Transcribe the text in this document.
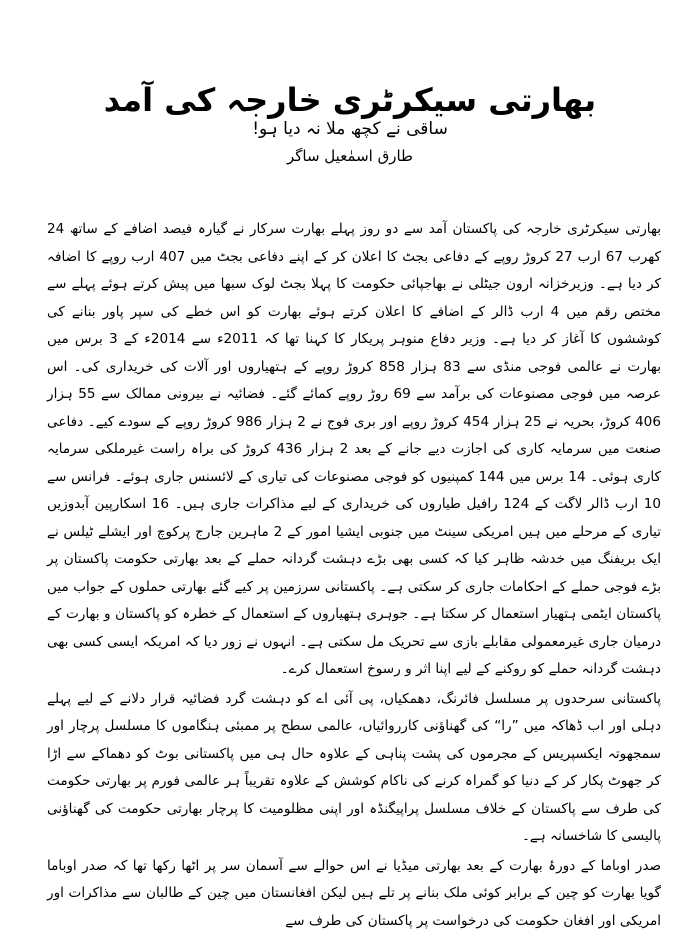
بھارتی سیکرٹری خارجہ کی آمد
ساقی نے کچھ ملا نہ دیا ہو!
طارق اسمٰعیل ساگر

بھارتی سیکرٹری خارجہ کی پاکستان آمد سے دو روز پہلے بھارت سرکار نے گیارہ فیصد اضافے کے ساتھ 24 کھرب 67 ارب 27 کروڑ روپے کے دفاعی بجٹ کا اعلان کر کے اپنے دفاعی بجٹ میں 407 ارب روپے کا اضافہ کر دیا ہے۔ وزیرخزانہ ارون جیٹلی نے بھاجپائی حکومت کا پہلا بجٹ لوک سبھا میں پیش کرتے ہوئے پہلے سے مختص رقم میں 4 ارب ڈالر کے اضافے کا اعلان کرتے ہوئے بھارت کو اس خطے کی سپر پاور بنانے کی کوششوں کا آغاز کر دیا ہے۔ وزیر دفاع منوہر پریکار کا کہنا تھا کہ 2011ء سے 2014ء کے 3 برس میں بھارت نے عالمی فوجی منڈی سے 83 ہزار 858 کروڑ روپے کے ہتھیاروں اور آلات کی خریداری کی۔ اس عرصہ میں فوجی مصنوعات کی برآمد سے 69 روڑ روپے کمائے گئے۔ فضائیہ نے بیرونی ممالک سے 55 ہزار 406 کروڑ، بحریہ نے 25 ہزار 454 کروڑ روپے اور بری فوج نے 2 ہزار 986 کروڑ روپے کے سودے کیے۔ دفاعی صنعت میں سرمایہ کاری کی اجازت دیے جانے کے بعد 2 ہزار 436 کروڑ کی براہ راست غیرملکی سرمایہ کاری ہوئی۔ 14 برس میں 144 کمپنیوں کو فوجی مصنوعات کی تیاری کے لائسنس جاری ہوئے۔ فرانس سے 10 ارب ڈالر لاگت کے 124 رافیل طیاروں کی خریداری کے لیے مذاکرات جاری ہیں۔ 16 اسکارپین آبدوزیں تیاری کے مرحلے میں ہیں امریکی سینٹ میں جنوبی ایشیا امور کے 2 ماہرین جارج پرکوچ اور ایشلے ٹیلس نے ایک بریفنگ میں خدشہ ظاہر کیا کہ کسی بھی بڑے دہشت گردانہ حملے کے بعد بھارتی حکومت پاکستان پر بڑے فوجی حملے کے احکامات جاری کر سکتی ہے۔ پاکستانی سرزمین پر کیے گئے بھارتی حملوں کے جواب میں پاکستان ایٹمی ہتھیار استعمال کر سکتا ہے۔ جوہری ہتھیاروں کے استعمال کے خطرہ کو پاکستان و بھارت کے درمیان جاری غیرمعمولی مقابلے بازی سے تحریک مل سکتی ہے۔ انہوں نے زور دیا کہ امریکہ ایسی کسی بھی دہشت گردانہ حملے کو روکنے کے لیے اپنا اثر و رسوخ استعمال کرے۔

پاکستانی سرحدوں پر مسلسل فائرنگ، دھمکیاں، پی آئی اے کو دہشت گرد فضائیہ قرار دلانے کے لیے پہلے دہلی اور اب ڈھاکہ میں ”را“ کی گھناؤنی کارروائیاں، عالمی سطح پر ممبئی ہنگاموں کا مسلسل پرچار اور سمجھوتہ ایکسپریس کے مجرموں کی پشت پناہی کے علاوہ حال ہی میں پاکستانی بوٹ کو دھماکے سے اڑا کر جھوٹ پکار کر کے دنیا کو گمراہ کرنے کی ناکام کوشش کے علاوہ تقریباً ہر عالمی فورم پر بھارتی حکومت کی طرف سے پاکستان کے خلاف مسلسل پراپیگنڈہ اور اپنی مظلومیت کا پرچار بھارتی حکومت کی گھناؤنی پالیسی کا شاخسانہ ہے۔

صدر اوباما کے دورۂ بھارت کے بعد بھارتی میڈیا نے اس حوالے سے آسمان سر پر اٹھا رکھا تھا کہ صدر اوباما گویا بھارت کو چین کے برابر کوئی ملک بنانے پر تلے ہیں لیکن افغانستان میں چین کے طالبان سے مذاکرات اور امریکی اور افغان حکومت کی درخواست پر پاکستان کی طرف سے
